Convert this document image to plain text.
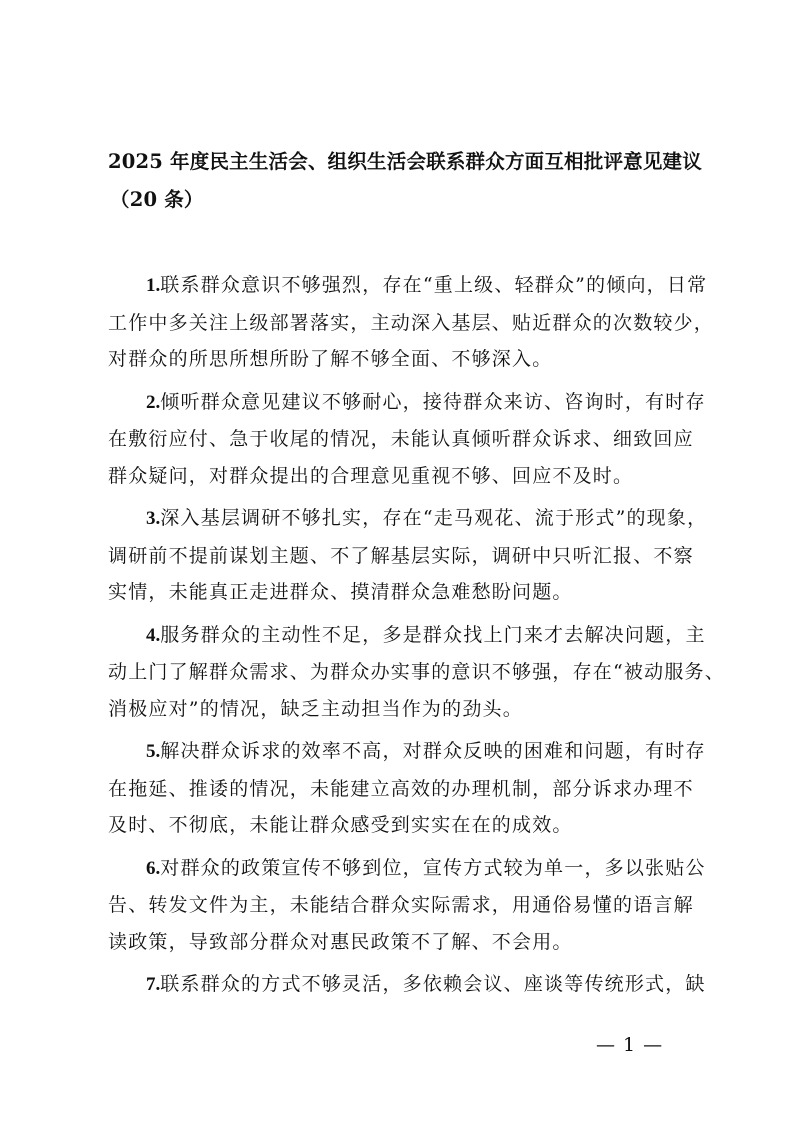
2025 年度民主生活会、组织生活会联系群众方面互相批评意见建议
（20 条）
1.联系群众意识不够强烈，存在“重上级、轻群众”的倾向，日常
工作中多关注上级部署落实，主动深入基层、贴近群众的次数较少，
对群众的所思所想所盼了解不够全面、不够深入。
2.倾听群众意见建议不够耐心，接待群众来访、咨询时，有时存
在敷衍应付、急于收尾的情况，未能认真倾听群众诉求、细致回应
群众疑问，对群众提出的合理意见重视不够、回应不及时。
3.深入基层调研不够扎实，存在“走马观花、流于形式”的现象，
调研前不提前谋划主题、不了解基层实际，调研中只听汇报、不察
实情，未能真正走进群众、摸清群众急难愁盼问题。
4.服务群众的主动性不足，多是群众找上门来才去解决问题，主
动上门了解群众需求、为群众办实事的意识不够强，存在“被动服务、
消极应对”的情况，缺乏主动担当作为的劲头。
5.解决群众诉求的效率不高，对群众反映的困难和问题，有时存
在拖延、推诿的情况，未能建立高效的办理机制，部分诉求办理不
及时、不彻底，未能让群众感受到实实在在的成效。
6.对群众的政策宣传不够到位，宣传方式较为单一，多以张贴公
告、转发文件为主，未能结合群众实际需求，用通俗易懂的语言解
读政策，导致部分群众对惠民政策不了解、不会用。
7.联系群众的方式不够灵活，多依赖会议、座谈等传统形式，缺
— 1 —
